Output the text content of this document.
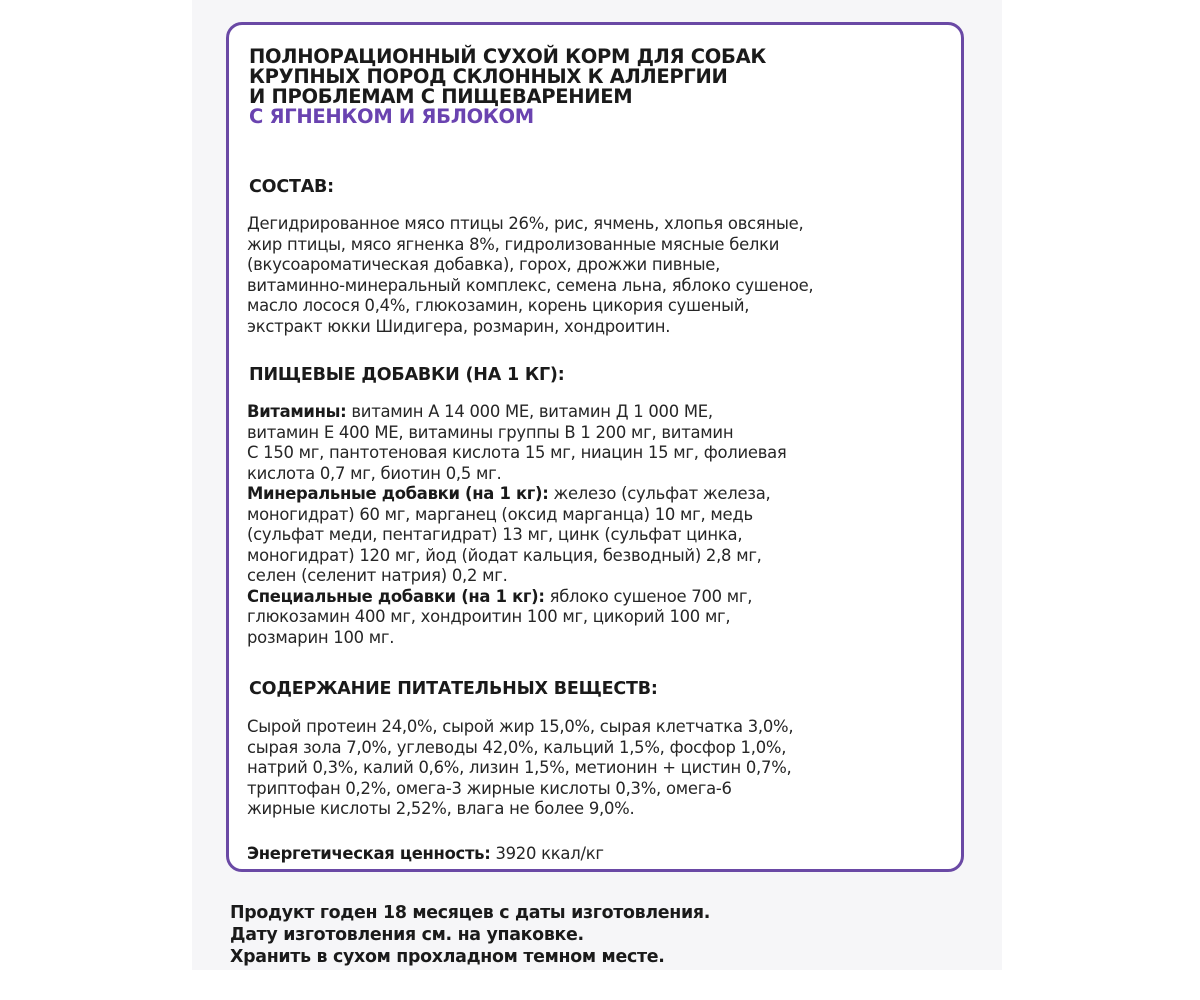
ПОЛНОРАЦИОННЫЙ СУХОЙ КОРМ ДЛЯ СОБАК
КРУПНЫХ ПОРОД СКЛОННЫХ К АЛЛЕРГИИ
И ПРОБЛЕМАМ С ПИЩЕВАРЕНИЕМ
С ЯГНЕНКОМ И ЯБЛОКОМ
СОСТАВ:
Дегидрированное мясо птицы 26%, рис, ячмень, хлопья овсяные,
жир птицы, мясо ягненка 8%, гидролизованные мясные белки
(вкусоароматическая добавка), горох, дрожжи пивные,
витаминно-минеральный комплекс, семена льна, яблоко сушеное,
масло лосося 0,4%, глюкозамин, корень цикория сушеный,
экстракт юкки Шидигера, розмарин, хондроитин.
ПИЩЕВЫЕ ДОБАВКИ (НА 1 КГ):
Витамины: витамин А 14 000 МЕ, витамин Д 1 000 МЕ,
витамин Е 400 МЕ, витамины группы В 1 200 мг, витамин
С 150 мг, пантотеновая кислота 15 мг, ниацин 15 мг, фолиевая
кислота 0,7 мг, биотин 0,5 мг.
Минеральные добавки (на 1 кг): железо (сульфат железа,
моногидрат) 60 мг, марганец (оксид марганца) 10 мг, медь
(сульфат меди, пентагидрат) 13 мг, цинк (сульфат цинка,
моногидрат) 120 мг, йод (йодат кальция, безводный) 2,8 мг,
селен (селенит натрия) 0,2 мг.
Специальные добавки (на 1 кг): яблоко сушеное 700 мг,
глюкозамин 400 мг, хондроитин 100 мг, цикорий 100 мг,
розмарин 100 мг.
СОДЕРЖАНИЕ ПИТАТЕЛЬНЫХ ВЕЩЕСТВ:
Сырой протеин 24,0%, сырой жир 15,0%, сырая клетчатка 3,0%,
сырая зола 7,0%, углеводы 42,0%, кальций 1,5%, фосфор 1,0%,
натрий 0,3%, калий 0,6%, лизин 1,5%, метионин + цистин 0,7%,
триптофан 0,2%, омега-3 жирные кислоты 0,3%, омега-6
жирные кислоты 2,52%, влага не более 9,0%.
Энергетическая ценность: 3920 ккал/кг
Продукт годен 18 месяцев с даты изготовления.
Дату изготовления см. на упаковке.
Хранить в сухом прохладном темном месте.
